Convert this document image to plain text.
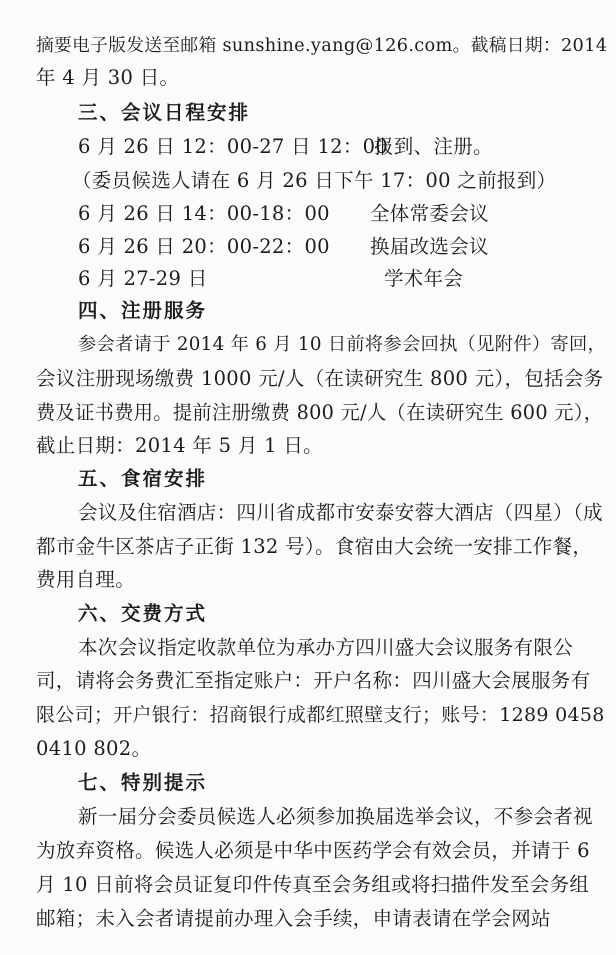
摘要电子版发送至邮箱 sunshine.yang@126.com。截稿日期：2014
年 4 月 30 日。
三、会议日程安排
6 月 26 日 12：00-27 日 12：00
报到、注册。
（委员候选人请在 6 月 26 日下午 17：00 之前报到）
6 月 26 日 14：00-18：00 全体常委会议
6 月 26 日 20：00-22：00 换届改选会议
6 月 27-29 日	学术年会
四、注册服务
参会者请于 2014 年 6 月 10 日前将参会回执（见附件）寄回，
会议注册现场缴费 1000 元/人（在读研究生 800 元），包括会务
费及证书费用。提前注册缴费 800 元/人（在读研究生 600 元），
截止日期：2014 年 5 月 1 日。
五、食宿安排
会议及住宿酒店：四川省成都市安泰安蓉大酒店（四星）（成
都市金牛区茶店子正街 132 号）。食宿由大会统一安排工作餐，
费用自理。
六、交费方式
本次会议指定收款单位为承办方四川盛大会议服务有限公
司，请将会务费汇至指定账户：开户名称：四川盛大会展服务有
限公司；开户银行：招商银行成都红照壁支行；账号：1289 0458
0410 802。
七、特别提示
新一届分会委员候选人必须参加换届选举会议，不参会者视
为放弃资格。候选人必须是中华中医药学会有效会员，并请于 6
月 10 日前将会员证复印件传真至会务组或将扫描件发至会务组
邮箱；未入会者请提前办理入会手续，申请表请在学会网站
